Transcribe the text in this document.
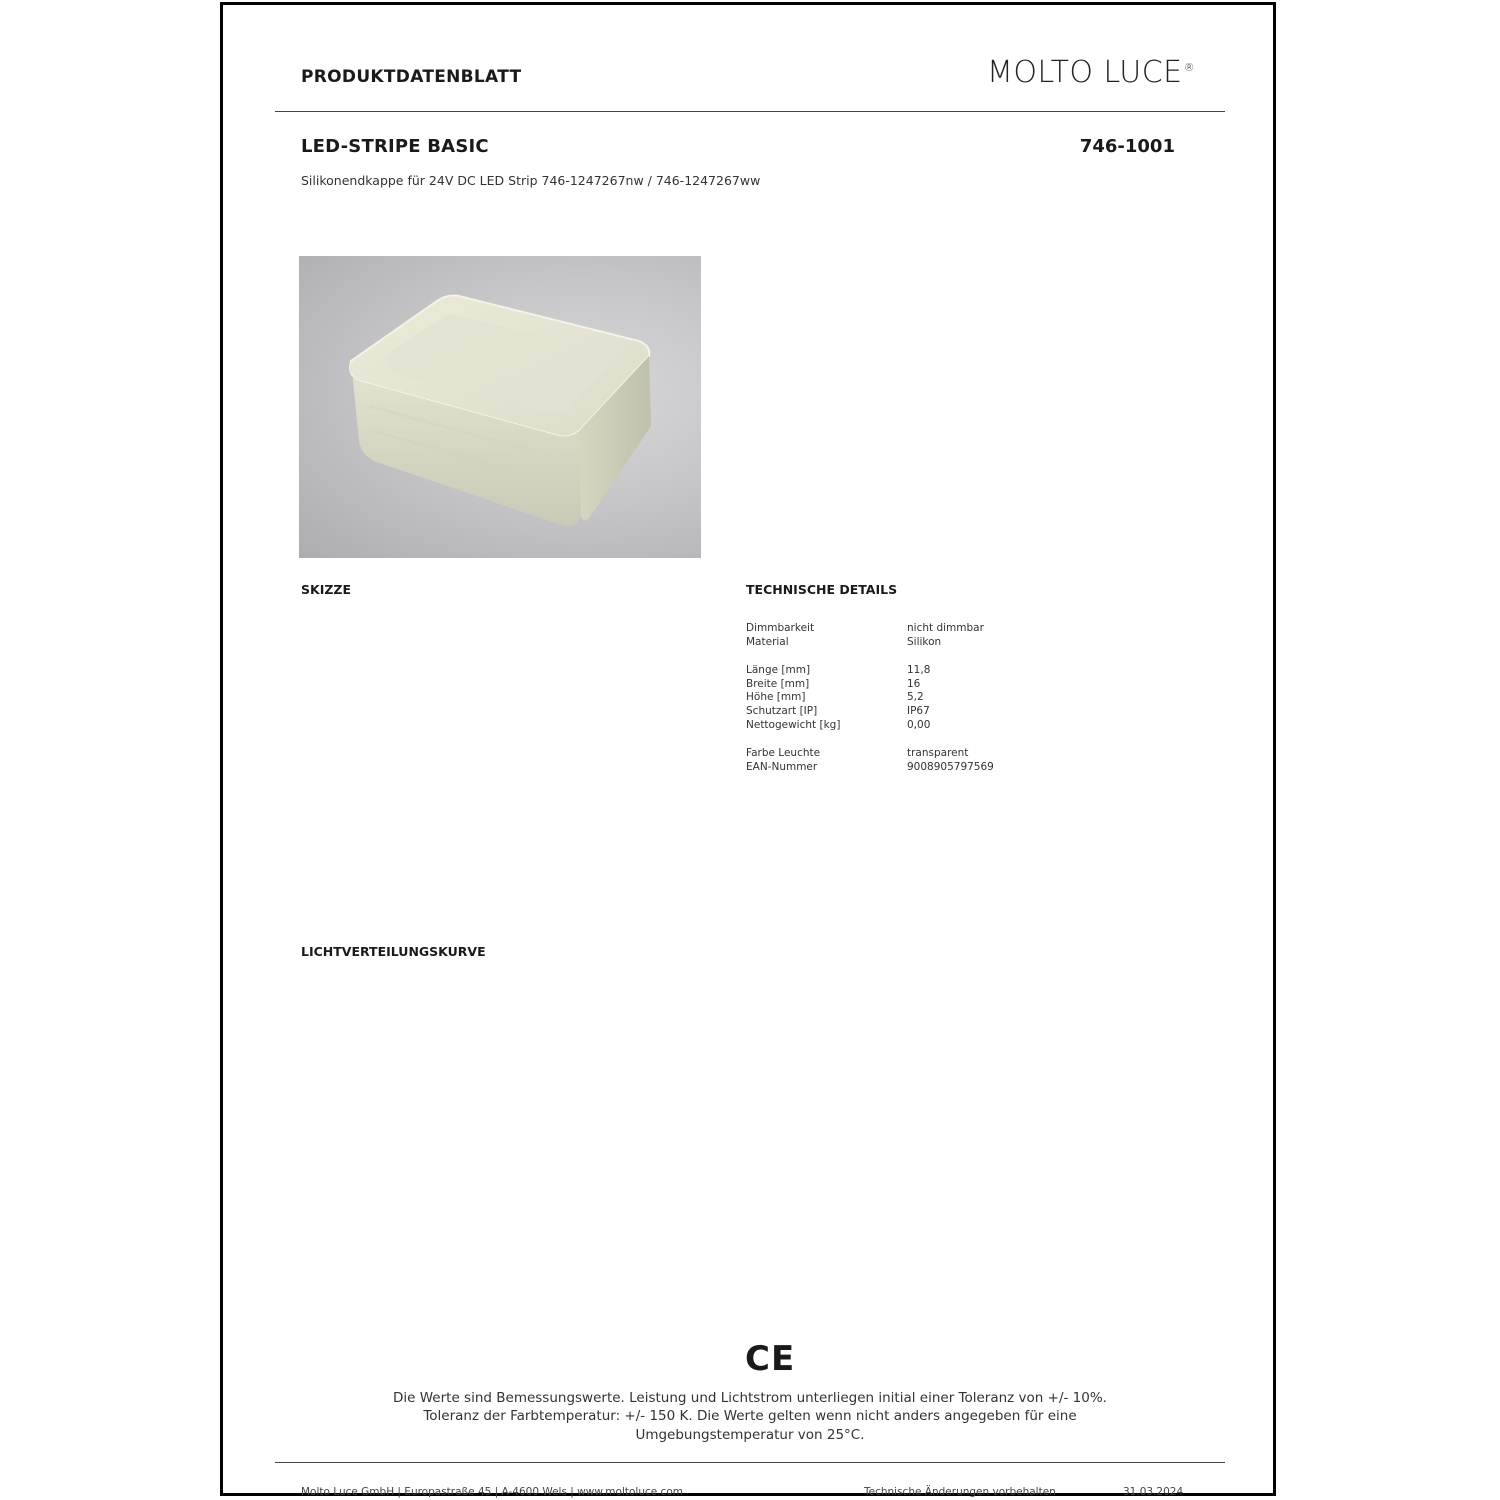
PRODUKTDATENBLATT	MOLTO LUCE®
LED-STRIPE BASIC	746-1001
Silikonendkappe für 24V DC LED Strip 746-1247267nw / 746-1247267ww
SKIZZE	TECHNISCHE DETAILS
Dimmbarkeit	nicht dimmbar
Material	Silikon
Länge [mm]	11,8
Breite [mm]	16
Höhe [mm]	5,2
Schutzart [IP]	IP67
Nettogewicht [kg]	0,00
Farbe Leuchte	transparent
EAN-Nummer	9008905797569
LICHTVERTEILUNGSKURVE
CE
Die Werte sind Bemessungswerte. Leistung und Lichtstrom unterliegen initial einer Toleranz von +/- 10%.
Toleranz der Farbtemperatur: +/- 150 K. Die Werte gelten wenn nicht anders angegeben für eine
Umgebungstemperatur von 25°C.
Molto Luce GmbH | Europastraße 45 | A-4600 Wels | www.moltoluce.com	Technische Änderungen vorbehalten	31.03.2024
